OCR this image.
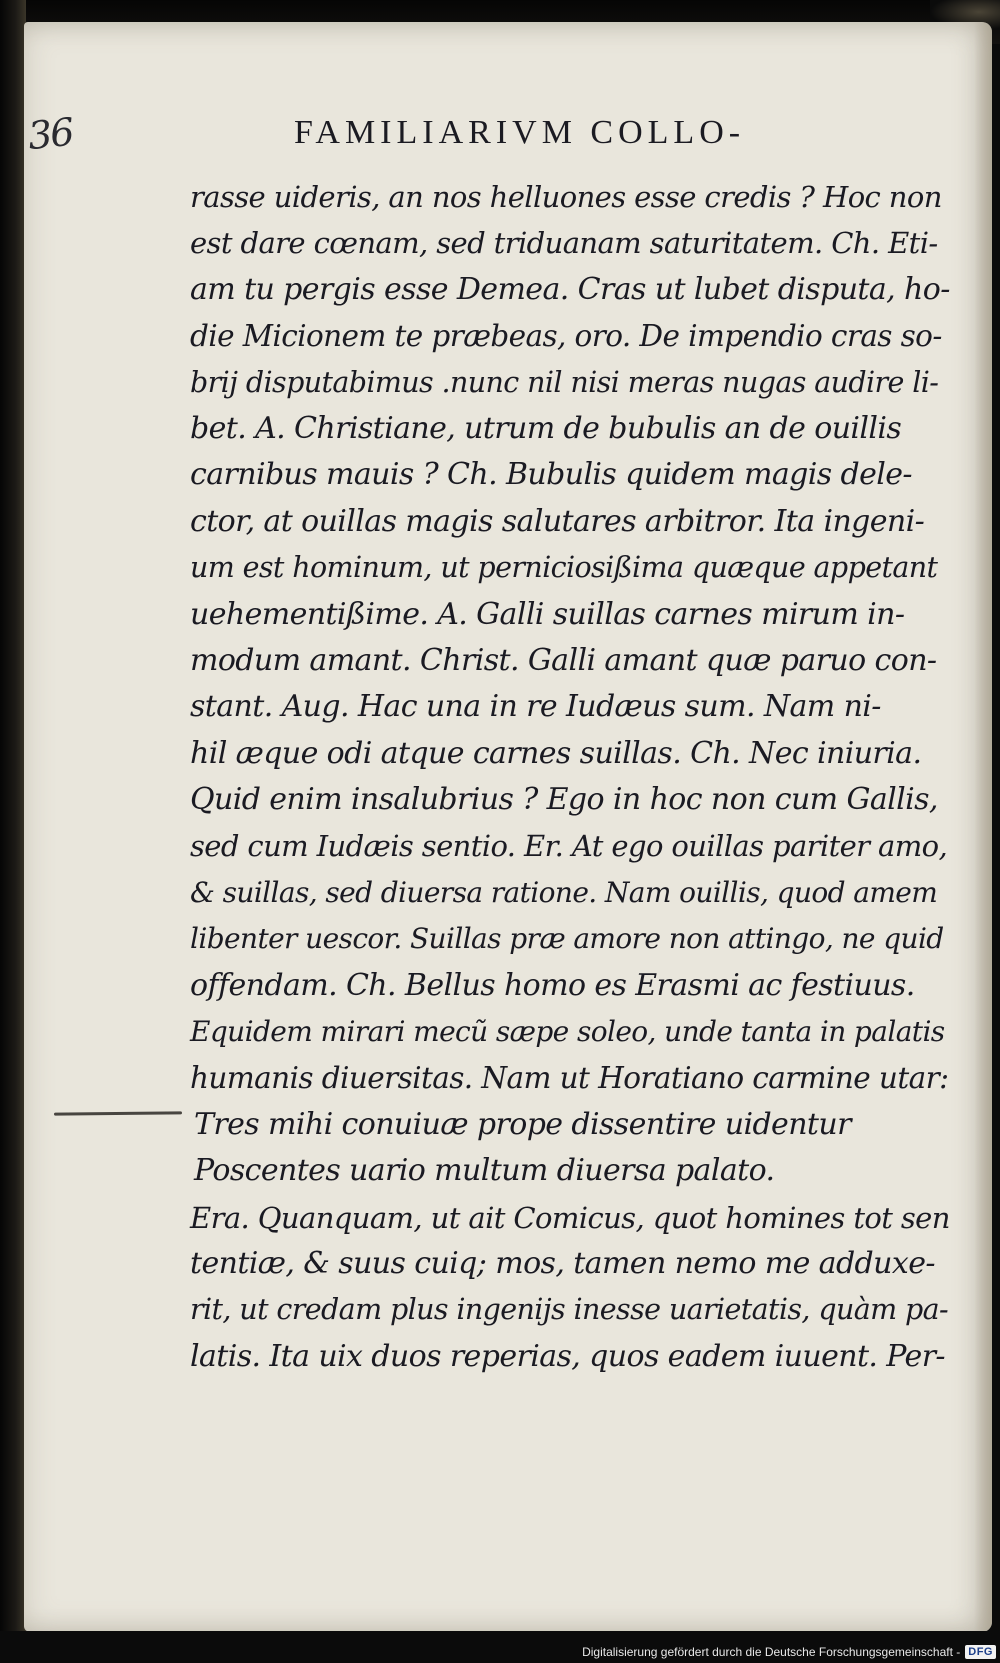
36	FAMILIARIVM COLLO-
rasse uideris, an nos helluones esse credis ? Hoc non
est dare cœnam, sed triduanam saturitatem. Ch. Eti-
am tu pergis esse Demea. Cras ut lubet disputa, ho-
die Micionem te præbeas, oro. De impendio cras so-
brij disputabimus .nunc nil nisi meras nugas audire li-
bet. A. Christiane, utrum de bubulis an de ouillis
carnibus mauis ? Ch. Bubulis quidem magis dele-
ctor, at ouillas magis salutares arbitror. Ita ingeni-
um est hominum, ut perniciosißima quæque appetant
uehementißime. A. Galli suillas carnes mirum in-
modum amant. Christ. Galli amant quæ paruo con-
stant. Aug. Hac una in re Iudæus sum. Nam ni-
hil æque odi atque carnes suillas. Ch. Nec iniuria.
Quid enim insalubrius ? Ego in hoc non cum Gallis,
sed cum Iudæis sentio. Er. At ego ouillas pariter amo,
& suillas, sed diuersa ratione. Nam ouillis, quod amem
libenter uescor. Suillas præ amore non attingo, ne quid
offendam. Ch. Bellus homo es Erasmi ac festiuus.
Equidem mirari mecũ sæpe soleo, unde tanta in palatis
humanis diuersitas. Nam ut Horatiano carmine utar:
Tres mihi conuiuæ prope dissentire uidentur
Poscentes uario multum diuersa palato.
Era. Quanquam, ut ait Comicus, quot homines tot sen
tentiæ, & suus cuiq; mos, tamen nemo me adduxe-
rit, ut credam plus ingenijs inesse uarietatis, quàm pa-
latis. Ita uix duos reperias, quos eadem iuuent. Per-
Digitalisierung gefördert durch die Deutsche Forschungsgemeinschaft - DFG
